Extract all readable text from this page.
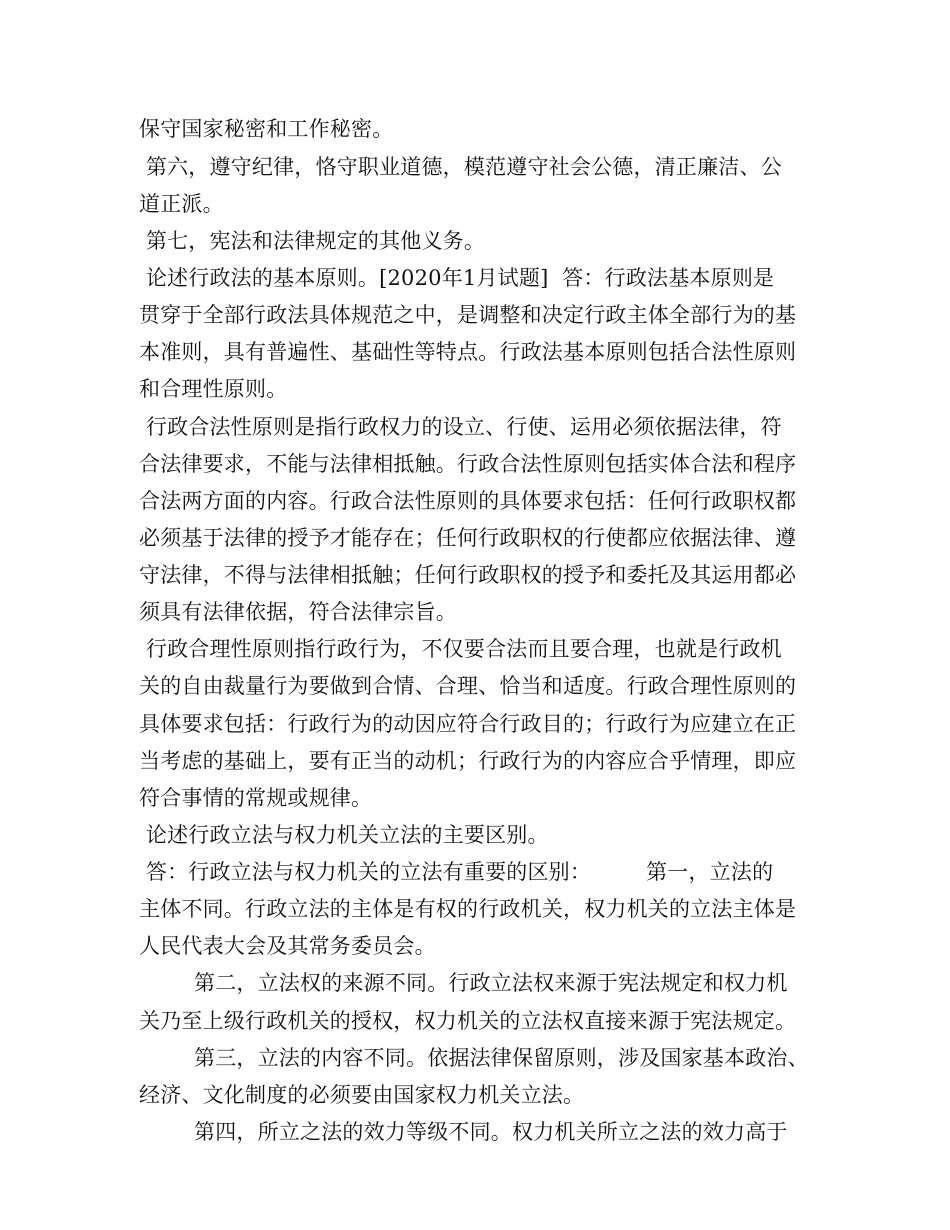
保守国家秘密和工作秘密。
第六，遵守纪律，恪守职业道德，模范遵守社会公德，清正廉洁、公
道正派。
第七，宪法和法律规定的其他义务。
论述行政法的基本原则。[2020年1月试题]  答：行政法基本原则是
贯穿于全部行政法具体规范之中，是调整和决定行政主体全部行为的基
本准则，具有普遍性、基础性等特点。行政法基本原则包括合法性原则
和合理性原则。
行政合法性原则是指行政权力的设立、行使、运用必须依据法律，符
合法律要求，不能与法律相抵触。行政合法性原则包括实体合法和程序
合法两方面的内容。行政合法性原则的具体要求包括：任何行政职权都
必须基于法律的授予才能存在；任何行政职权的行使都应依据法律、遵
守法律，不得与法律相抵触；任何行政职权的授予和委托及其运用都必
须具有法律依据，符合法律宗旨。
行政合理性原则指行政行为，不仅要合法而且要合理，也就是行政机
关的自由裁量行为要做到合情、合理、恰当和适度。行政合理性原则的
具体要求包括：行政行为的动因应符合行政目的；行政行为应建立在正
当考虑的基础上，要有正当的动机；行政行为的内容应合乎情理，即应
符合事情的常规或规律。
论述行政立法与权力机关立法的主要区别。
答：行政立法与权力机关的立法有重要的区别：        第一，立法的
主体不同。行政立法的主体是有权的行政机关，权力机关的立法主体是
人民代表大会及其常务委员会。
第二，立法权的来源不同。行政立法权来源于宪法规定和权力机
关乃至上级行政机关的授权，权力机关的立法权直接来源于宪法规定。
第三，立法的内容不同。依据法律保留原则，涉及国家基本政治、
经济、文化制度的必须要由国家权力机关立法。
第四，所立之法的效力等级不同。权力机关所立之法的效力高于
